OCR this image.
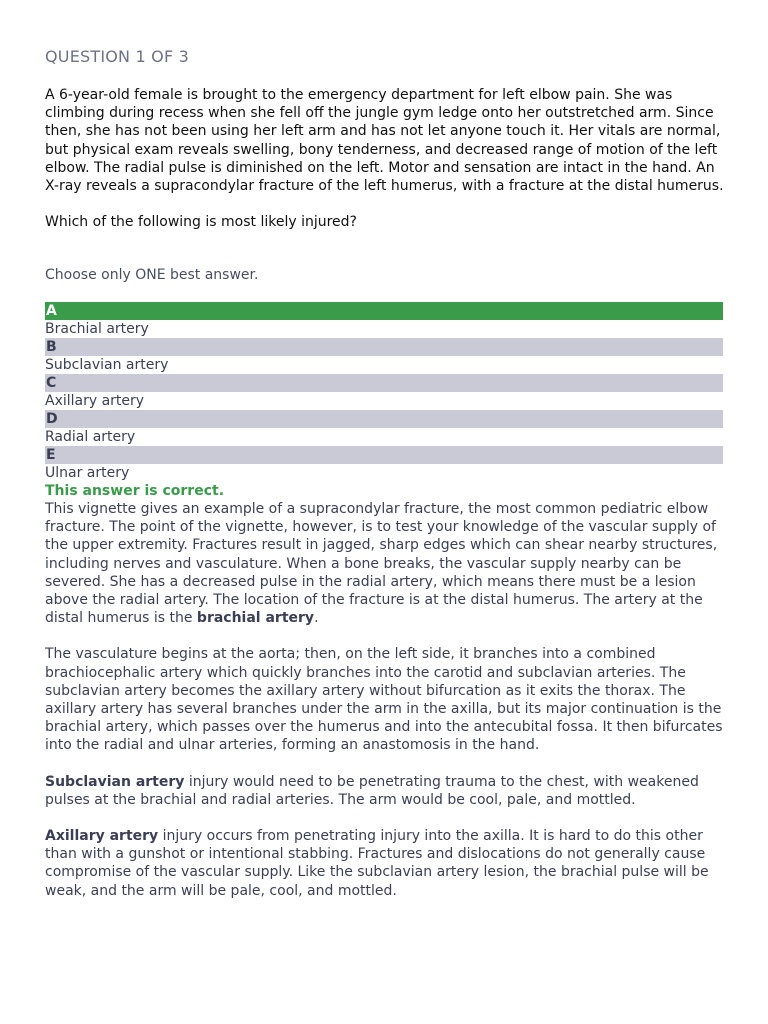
QUESTION 1 OF 3

A 6-year-old female is brought to the emergency department for left elbow pain. She was climbing during recess when she fell off the jungle gym ledge onto her outstretched arm. Since then, she has not been using her left arm and has not let anyone touch it. Her vitals are normal, but physical exam reveals swelling, bony tenderness, and decreased range of motion of the left elbow. The radial pulse is diminished on the left. Motor and sensation are intact in the hand. An X-ray reveals a supracondylar fracture of the left humerus, with a fracture at the distal humerus.

Which of the following is most likely injured?

Choose only ONE best answer.
A
Brachial artery
B
Subclavian artery
C
Axillary artery
D
Radial artery
E
Ulnar artery
This answer is correct.

This vignette gives an example of a supracondylar fracture, the most common pediatric elbow fracture. The point of the vignette, however, is to test your knowledge of the vascular supply of the upper extremity. Fractures result in jagged, sharp edges which can shear nearby structures, including nerves and vasculature. When a bone breaks, the vascular supply nearby can be severed. She has a decreased pulse in the radial artery, which means there must be a lesion above the radial artery. The location of the fracture is at the distal humerus. The artery at the distal humerus is the brachial artery.

The vasculature begins at the aorta; then, on the left side, it branches into a combined brachiocephalic artery which quickly branches into the carotid and subclavian arteries. The subclavian artery becomes the axillary artery without bifurcation as it exits the thorax. The axillary artery has several branches under the arm in the axilla, but its major continuation is the brachial artery, which passes over the humerus and into the antecubital fossa. It then bifurcates into the radial and ulnar arteries, forming an anastomosis in the hand.

Subclavian artery injury would need to be penetrating trauma to the chest, with weakened pulses at the brachial and radial arteries. The arm would be cool, pale, and mottled.

Axillary artery injury occurs from penetrating injury into the axilla. It is hard to do this other than with a gunshot or intentional stabbing. Fractures and dislocations do not generally cause compromise of the vascular supply. Like the subclavian artery lesion, the brachial pulse will be weak, and the arm will be pale, cool, and mottled.
